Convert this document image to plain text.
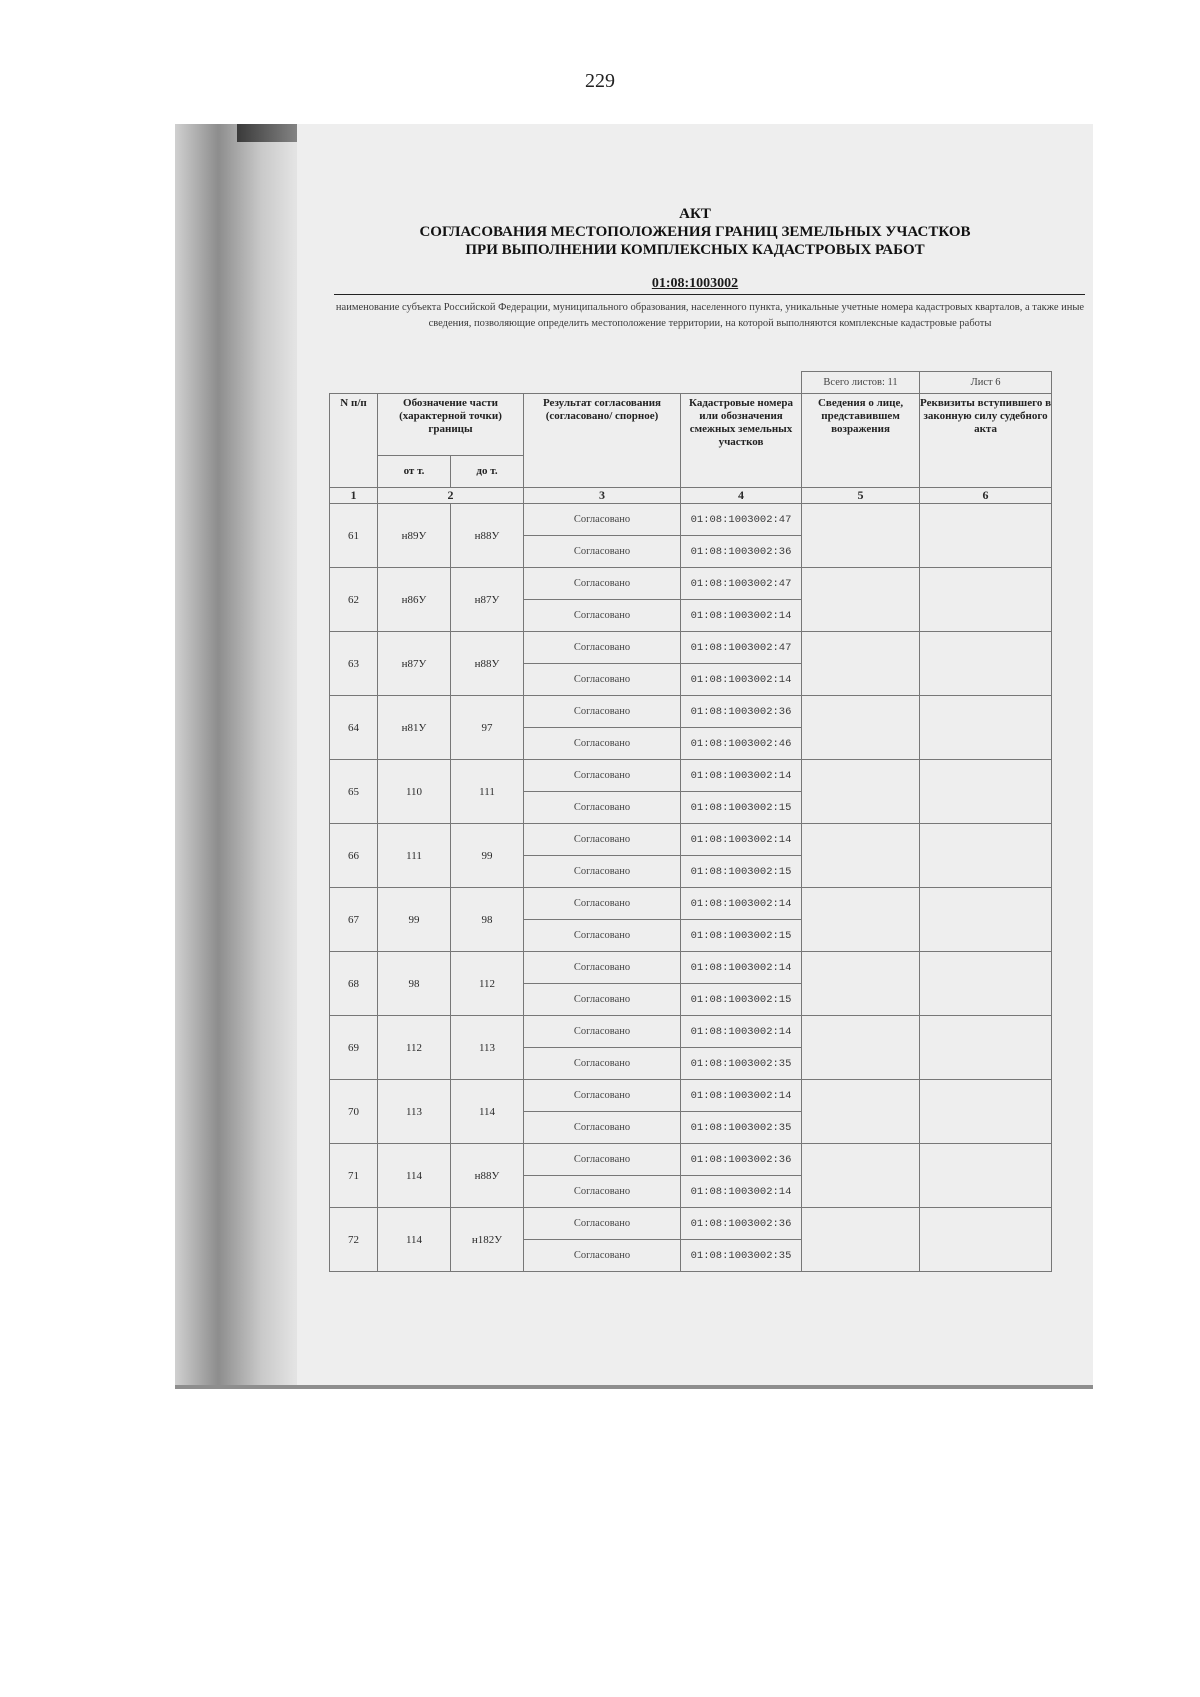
229
АКТ
СОГЛАСОВАНИЯ МЕСТОПОЛОЖЕНИЯ ГРАНИЦ ЗЕМЕЛЬНЫХ УЧАСТКОВ
ПРИ ВЫПОЛНЕНИИ КОМПЛЕКСНЫХ КАДАСТРОВЫХ РАБОТ
01:08:1003002
наименование субъекта Российской Федерации, муниципального образования, населенного пункта, уникальные учетные номера кадастровых кварталов, а также иные сведения, позволяющие определить местоположение территории, на которой выполняются комплексные кадастровые работы
					Всего листов: 11	Лист 6
N п/п	Обозначение части (характерной точки) границы		Результат согласования (согласовано/ спорное)	Кадастровые номера или обозначения смежных земельных участков	Сведения о лице, представившем возражения	Реквизиты вступившего в законную силу судебного акта
	от т.	до т.				
1	2		3	4	5	6
61	н89У	н88У	Согласовано	01:08:1003002:47		
			Согласовано	01:08:1003002:36		
62	н86У	н87У	Согласовано	01:08:1003002:47		
			Согласовано	01:08:1003002:14		
63	н87У	н88У	Согласовано	01:08:1003002:47		
			Согласовано	01:08:1003002:14		
64	н81У	97	Согласовано	01:08:1003002:36		
			Согласовано	01:08:1003002:46		
65	110	111	Согласовано	01:08:1003002:14		
			Согласовано	01:08:1003002:15		
66	111	99	Согласовано	01:08:1003002:14		
			Согласовано	01:08:1003002:15		
67	99	98	Согласовано	01:08:1003002:14		
			Согласовано	01:08:1003002:15		
68	98	112	Согласовано	01:08:1003002:14		
			Согласовано	01:08:1003002:15		
69	112	113	Согласовано	01:08:1003002:14		
			Согласовано	01:08:1003002:35		
70	113	114	Согласовано	01:08:1003002:14		
			Согласовано	01:08:1003002:35		
71	114	н88У	Согласовано	01:08:1003002:36		
			Согласовано	01:08:1003002:14		
72	114	н182У	Согласовано	01:08:1003002:36		
			Согласовано	01:08:1003002:35		
